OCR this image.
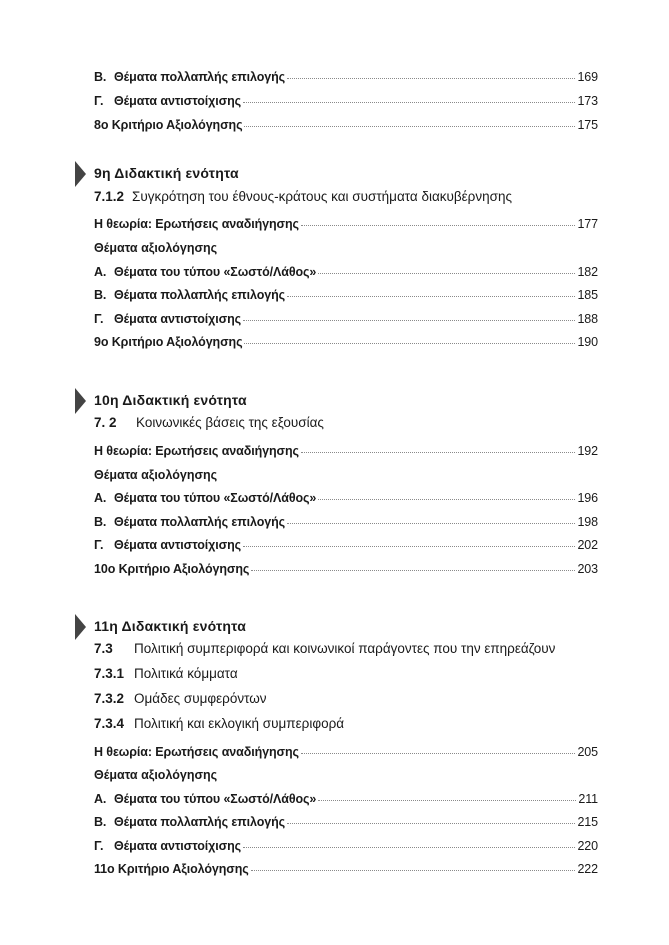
Β. Θέματα πολλαπλής επιλογής	169
Γ. Θέματα αντιστοίχισης	173
8ο Κριτήριο Αξιολόγησης	175
9η Διδακτική ενότητα
7.1.2 Συγκρότηση του έθνους-κράτους και συστήματα διακυβέρνησης
Η θεωρία: Ερωτήσεις αναδιήγησης	177
Θέματα αξιολόγησης
Α. Θέματα του τύπου «Σωστό/Λάθος»	182
Β. Θέματα πολλαπλής επιλογής	185
Γ. Θέματα αντιστοίχισης	188
9ο Κριτήριο Αξιολόγησης	190
10η Διδακτική ενότητα
7. 2	Κοινωνικές βάσεις της εξουσίας
Η θεωρία: Ερωτήσεις αναδιήγησης	192
Θέματα αξιολόγησης
Α. Θέματα του τύπου «Σωστό/Λάθος»	196
Β. Θέματα πολλαπλής επιλογής	198
Γ. Θέματα αντιστοίχισης	202
10ο Κριτήριο Αξιολόγησης	203
11η Διδακτική ενότητα
7.3	Πολιτική συμπεριφορά και κοινωνικοί παράγοντες που την επηρεάζουν
7.3.1 Πολιτικά κόμματα
7.3.2 Ομάδες συμφερόντων
7.3.4 Πολιτική και εκλογική συμπεριφορά
Η θεωρία: Ερωτήσεις αναδιήγησης	205
Θέματα αξιολόγησης
Α. Θέματα του τύπου «Σωστό/Λάθος»	211
Β. Θέματα πολλαπλής επιλογής	215
Γ. Θέματα αντιστοίχισης	220
11ο Κριτήριο Αξιολόγησης	222
